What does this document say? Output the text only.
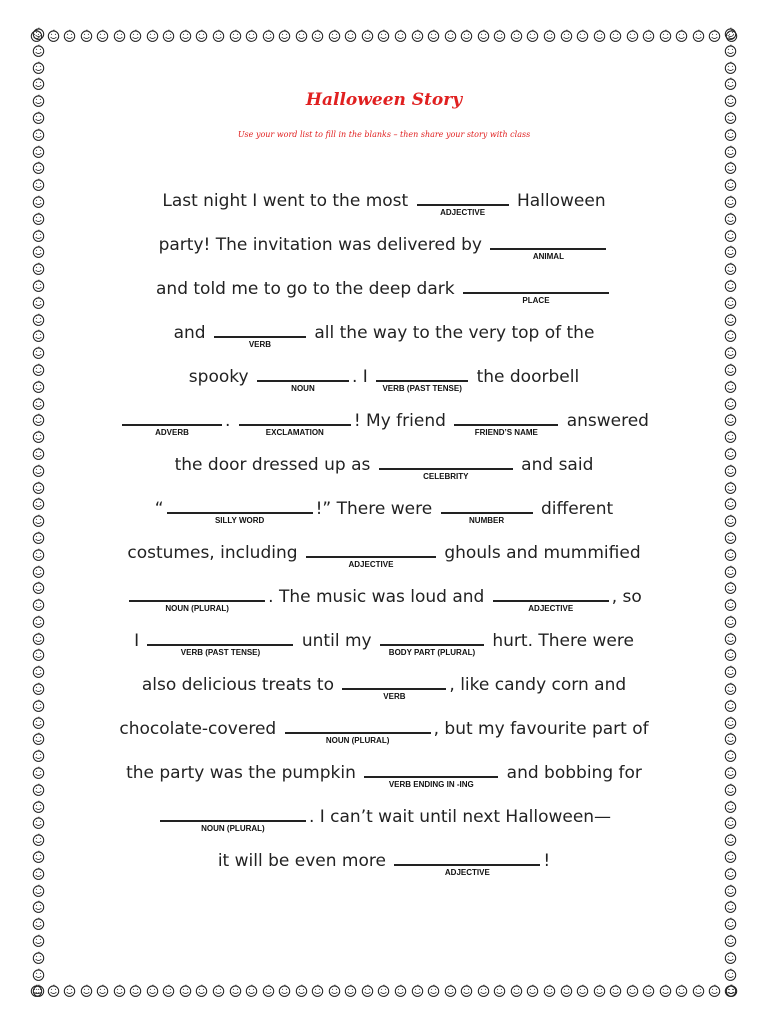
Halloween Story
Use your word list to fill in the blanks – then share your story with class
Last night I went to the most
ADJECTIVE
Halloween
party! The invitation was delivered by
ANIMAL
and told me to go to the deep dark
PLACE
and
VERB
all the way to the very top of the
spooky
NOUN
. I
VERB (PAST TENSE)
the doorbell
ADVERB
.
EXCLAMATION
! My friend
FRIEND’S NAME
answered
the door dressed up as
CELEBRITY
and said
“
SILLY WORD
!” There were
NUMBER
different
costumes, including
ADJECTIVE
ghouls and mummified
NOUN (PLURAL)
. The music was loud and
ADJECTIVE
, so
I
VERB (PAST TENSE)
until my
BODY PART (PLURAL)
hurt. There were
also delicious treats to
VERB
, like candy corn and
chocolate-covered
NOUN (PLURAL)
, but my favourite part of
the party was the pumpkin
VERB ENDING IN -ING
and bobbing for
NOUN (PLURAL)
. I can’t wait until next Halloween—
it will be even more
ADJECTIVE
!
